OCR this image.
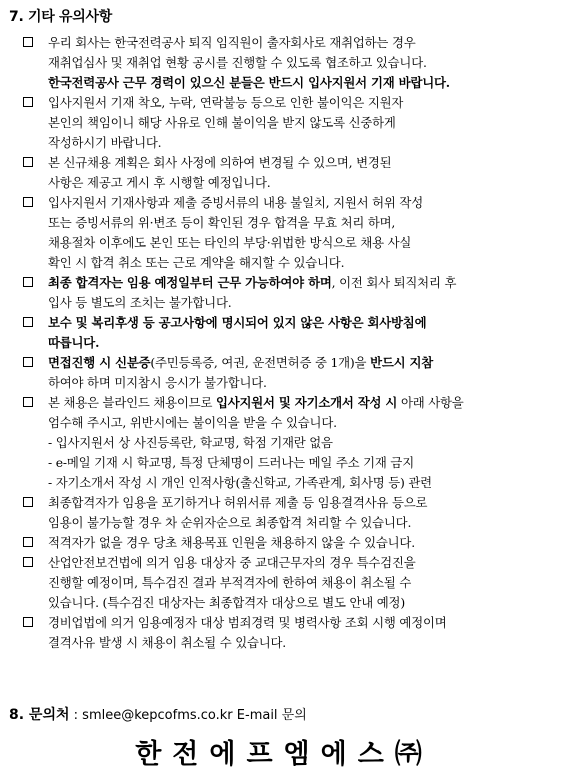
7. 기타 유의사항
우리 회사는 한국전력공사 퇴직 임직원이 출자회사로 재취업하는 경우
재취업심사 및 재취업 현황 공시를 진행할 수 있도록 협조하고 있습니다.
한국전력공사 근무 경력이 있으신 분들은 반드시 입사지원서 기재 바랍니다.
입사지원서 기재 착오, 누락, 연락불능 등으로 인한 불이익은 지원자
본인의 책임이니 해당 사유로 인해 불이익을 받지 않도록 신중하게
작성하시기 바랍니다.
본 신규채용 계획은 회사 사정에 의하여 변경될 수 있으며, 변경된
사항은 제공고 게시 후 시행할 예정입니다.
입사지원서 기재사항과 제출 증빙서류의 내용 불일치, 지원서 허위 작성
또는 증빙서류의 위·변조 등이 확인된 경우 합격을 무효 처리 하며,
채용절차 이후에도 본인 또는 타인의 부당·위법한 방식으로 채용 사실
확인 시 합격 취소 또는 근로 계약을 해지할 수 있습니다.
최종 합격자는 임용 예정일부터 근무 가능하여야 하며, 이전 회사 퇴직처리 후
입사 등 별도의 조치는 불가합니다.
보수 및 복리후생 등 공고사항에 명시되어 있지 않은 사항은 회사방침에
따릅니다.
면접진행 시 신분증(주민등록증, 여권, 운전면허증 중 1개)을 반드시 지참
하여야 하며 미지참시 응시가 불가합니다.
본 채용은 블라인드 채용이므로 입사지원서 및 자기소개서 작성 시 아래 사항을
엄수해 주시고, 위반시에는 불이익을 받을 수 있습니다.
- 입사지원서 상 사진등록란, 학교명, 학점 기재란 없음
- e-메일 기재 시 학교명, 특정 단체명이 드러나는 메일 주소 기재 금지
- 자기소개서 작성 시 개인 인적사항(출신학교, 가족관계, 회사명 등) 관련
최종합격자가 임용을 포기하거나 허위서류 제출 등 임용결격사유 등으로
임용이 불가능할 경우 차 순위자순으로 최종합격 처리할 수 있습니다.
적격자가 없을 경우 당초 채용목표 인원을 채용하지 않을 수 있습니다.
산업안전보건법에 의거 임용 대상자 중 교대근무자의 경우 특수검진을
진행할 예정이며, 특수검진 결과 부적격자에 한하여 채용이 취소될 수
있습니다. (특수검진 대상자는 최종합격자 대상으로 별도 안내 예정)
경비업법에 의거 임용예정자 대상 범죄경력 및 병력사항 조회 시행 예정이며
결격사유 발생 시 채용이 취소될 수 있습니다.
8. 문의처 : smlee@kepcofms.co.kr E-mail 문의
한전에프엠에스㈜
